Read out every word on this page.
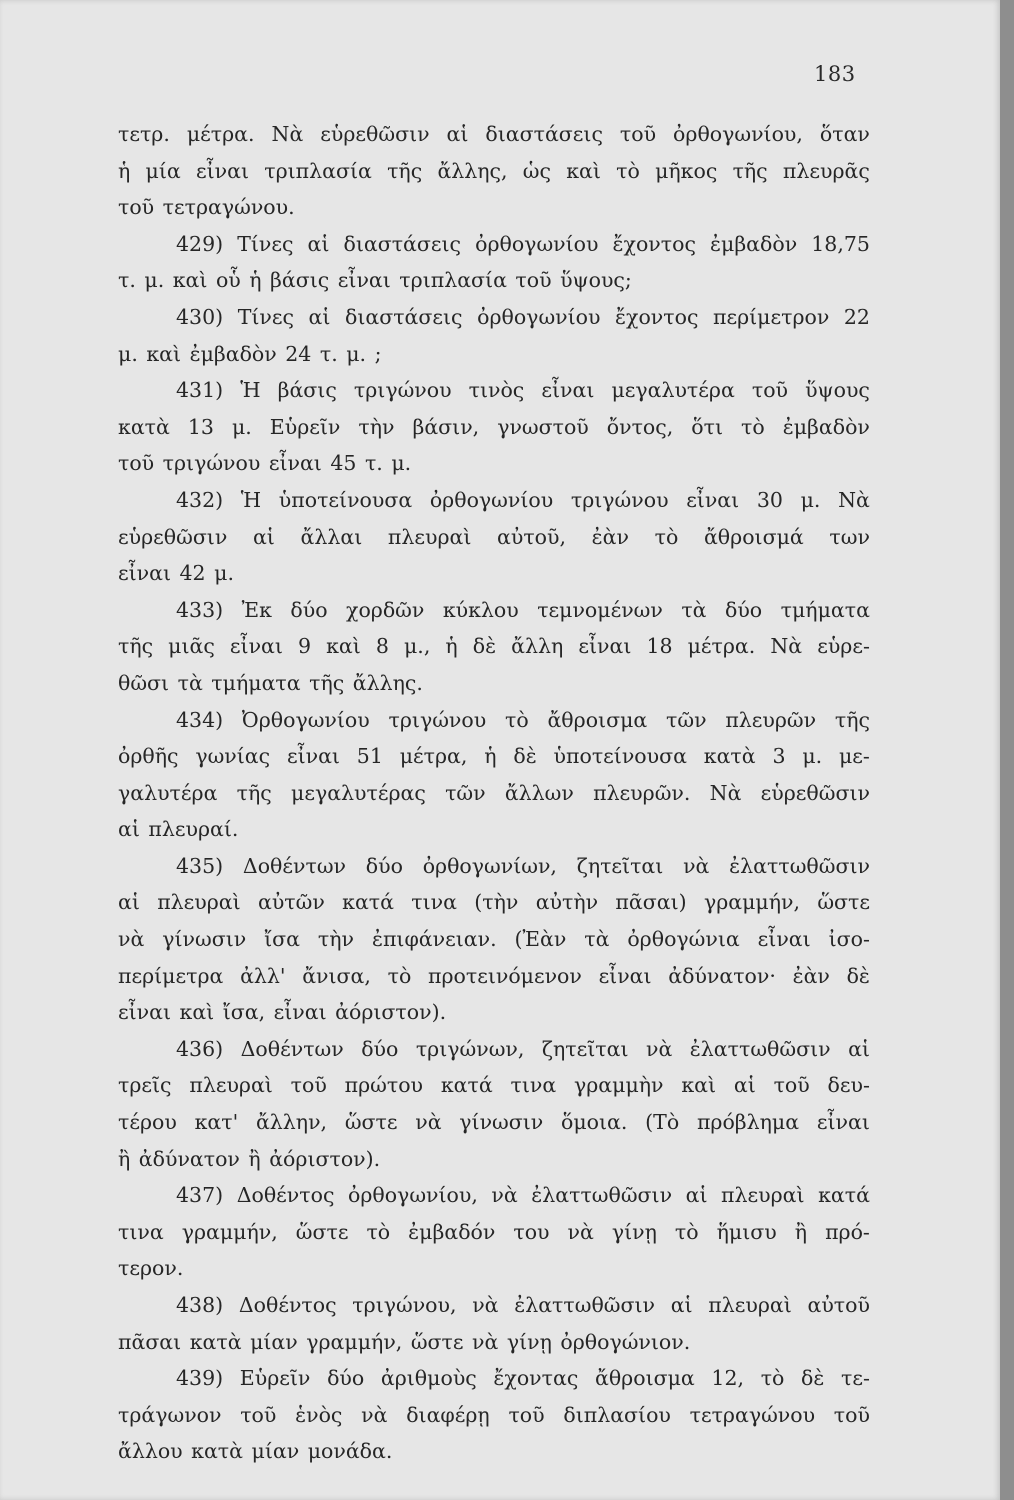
183
τετρ. μέτρα. Νὰ εὑρεθῶσιν αἱ διαστάσεις τοῦ ὀρθογωνίου, ὅταν
ἡ μία εἶναι τριπλασία τῆς ἄλλης, ὡς καὶ τὸ μῆκος τῆς πλευρᾶς
τοῦ τετραγώνου.
429) Τίνες αἱ διαστάσεις ὀρθογωνίου ἔχοντος ἐμβαδὸν 18,75
τ. μ. καὶ οὗ ἡ βάσις εἶναι τριπλασία τοῦ ὕψους;
430) Τίνες αἱ διαστάσεις ὀρθογωνίου ἔχοντος περίμετρον 22
μ. καὶ ἐμβαδὸν 24 τ. μ. ;
431) Ἡ βάσις τριγώνου τινὸς εἶναι μεγαλυτέρα τοῦ ὕψους
κατὰ 13 μ. Εὑρεῖν τὴν βάσιν, γνωστοῦ ὄντος, ὅτι τὸ ἐμβαδὸν
τοῦ τριγώνου εἶναι 45 τ. μ.
432) Ἡ ὑποτείνουσα ὀρθογωνίου τριγώνου εἶναι 30 μ. Νὰ
εὑρεθῶσιν αἱ ἄλλαι πλευραὶ αὐτοῦ, ἐὰν τὸ ἄθροισμά των
εἶναι 42 μ.
433) Ἐκ δύο χορδῶν κύκλου τεμνομένων τὰ δύο τμήματα
τῆς μιᾶς εἶναι 9 καὶ 8 μ., ἡ δὲ ἄλλη εἶναι 18 μέτρα. Νὰ εὑρε-
θῶσι τὰ τμήματα τῆς ἄλλης.
434) Ὀρθογωνίου τριγώνου τὸ ἄθροισμα τῶν πλευρῶν τῆς
ὀρθῆς γωνίας εἶναι 51 μέτρα, ἡ δὲ ὑποτείνουσα κατὰ 3 μ. με-
γαλυτέρα τῆς μεγαλυτέρας τῶν ἄλλων πλευρῶν. Νὰ εὑρεθῶσιν
αἱ πλευραί.
435) Δοθέντων δύο ὀρθογωνίων, ζητεῖται νὰ ἐλαττωθῶσιν
αἱ πλευραὶ αὐτῶν κατά τινα (τὴν αὐτὴν πᾶσαι) γραμμήν, ὥστε
νὰ γίνωσιν ἴσα τὴν ἐπιφάνειαν. (Ἐὰν τὰ ὀρθογώνια εἶναι ἰσο-
περίμετρα ἀλλ' ἄνισα, τὸ προτεινόμενον εἶναι ἀδύνατον· ἐὰν δὲ
εἶναι καὶ ἴσα, εἶναι ἀόριστον).
436) Δοθέντων δύο τριγώνων, ζητεῖται νὰ ἐλαττωθῶσιν αἱ
τρεῖς πλευραὶ τοῦ πρώτου κατά τινα γραμμὴν καὶ αἱ τοῦ δευ-
τέρου κατ' ἄλλην, ὥστε νὰ γίνωσιν ὅμοια. (Τὸ πρόβλημα εἶναι
ἢ ἀδύνατον ἢ ἀόριστον).
437) Δοθέντος ὀρθογωνίου, νὰ ἐλαττωθῶσιν αἱ πλευραὶ κατά
τινα γραμμήν, ὥστε τὸ ἐμβαδόν του νὰ γίνῃ τὸ ἥμισυ ἢ πρό-
τερον.
438) Δοθέντος τριγώνου, νὰ ἐλαττωθῶσιν αἱ πλευραὶ αὐτοῦ
πᾶσαι κατὰ μίαν γραμμήν, ὥστε νὰ γίνῃ ὀρθογώνιον.
439) Εὑρεῖν δύο ἀριθμοὺς ἔχοντας ἄθροισμα 12, τὸ δὲ τε-
τράγωνον τοῦ ἑνὸς νὰ διαφέρῃ τοῦ διπλασίου τετραγώνου τοῦ
ἄλλου κατὰ μίαν μονάδα.
